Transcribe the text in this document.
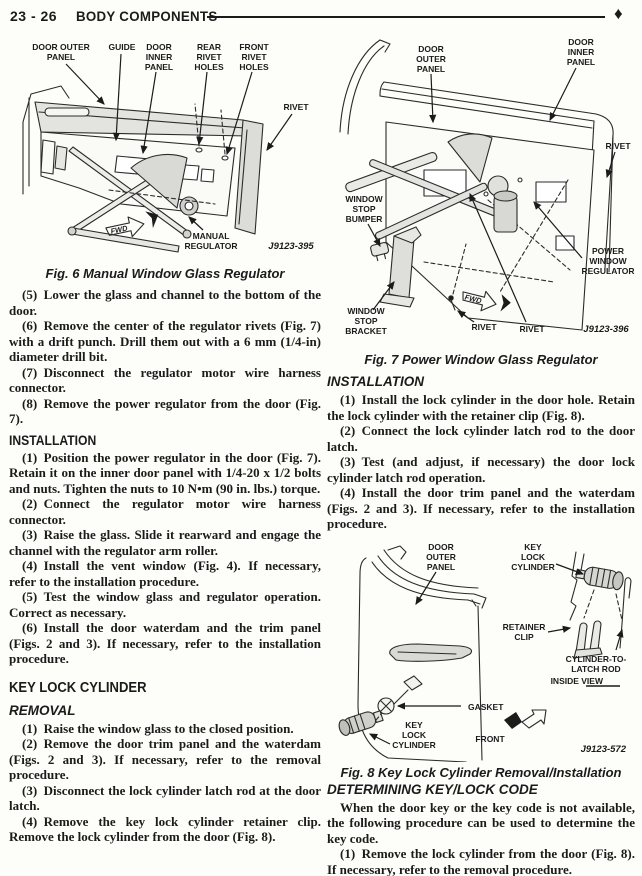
23 - 26 BODY COMPONENTS	♦
FWD
DOOR OUTER
PANEL
GUIDE DOOR
INNER
PANEL
REAR
RIVET
HOLES
FRONT
RIVET
HOLES
RIVET
MANUAL
REGULATOR	J9123-395
Fig. 6 Manual Window Glass Regulator

(5) Lower the glass and channel to the bottom of the door.

(6) Remove the center of the regulator rivets (Fig. 7) with a drift punch. Drill them out with a 6 mm (1/4-in) diameter drill bit.

(7) Disconnect the regulator motor wire harness connector.

(8) Remove the power regulator from the door (Fig. 7).

INSTALLATION

(1) Position the power regulator in the door (Fig. 7). Retain it on the inner door panel with 1/4-20 x 1/2 bolts and nuts. Tighten the nuts to 10 N•m (90 in. lbs.) torque.

(2) Connect the regulator motor wire harness connector.

(3) Raise the glass. Slide it rearward and engage the channel with the regulator arm roller.

(4) Install the vent window (Fig. 4). If necessary, refer to the installation procedure.

(5) Test the window glass and regulator operation. Correct as necessary.

(6) Install the door waterdam and the trim panel (Figs. 2 and 3). If necessary, refer to the installation procedure.

KEY LOCK CYLINDER
REMOVAL

(1) Raise the window glass to the closed position.

(2) Remove the door trim panel and the waterdam (Figs. 2 and 3). If necessary, refer to the removal procedure.

(3) Disconnect the lock cylinder latch rod at the door latch.

(4) Remove the key lock cylinder retainer clip. Remove the lock cylinder from the door (Fig. 8).

FWD
DOOR
OUTER
PANEL
DOOR
INNER
PANEL
RIVET
WINDOW
STOP
BUMPER
POWER
WINDOW
REGULATOR
WINDOW
STOP
BRACKET	RIVET	RIVET	J9123-396
Fig. 7 Power Window Glass Regulator
INSTALLATION

(1) Install the lock cylinder in the door hole. Retain the lock cylinder with the retainer clip (Fig. 8).

(2) Connect the lock cylinder latch rod to the door latch.

(3) Test (and adjust, if necessary) the door lock cylinder latch rod operation.

(4) Install the door trim panel and the waterdam (Figs. 2 and 3). If necessary, refer to the installation procedure.

DOOR
OUTER
PANEL
KEY
LOCK
CYLINDER
RETAINER
CLIP
CYLINDER-TO-
LATCH ROD
INSIDE VIEW
GASKET
KEY
LOCK
CYLINDER
FRONT
J9123-572
Fig. 8 Key Lock Cylinder Removal/Installation
DETERMINING KEY/LOCK CODE

When the door key or the key code is not available, the following procedure can be used to determine the key code.

(1) Remove the lock cylinder from the door (Fig. 8). If necessary, refer to the removal procedure.
